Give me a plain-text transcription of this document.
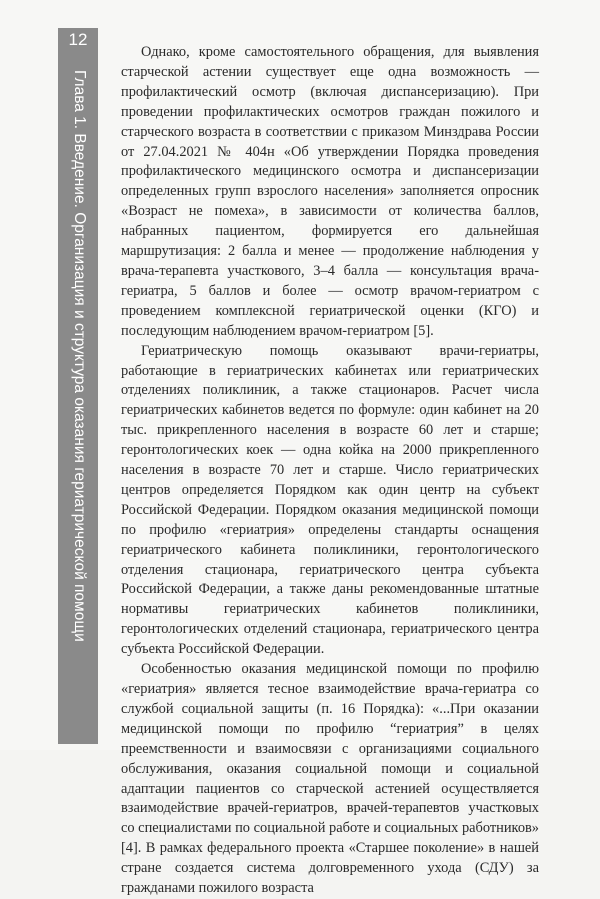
12
Глава 1. Введение. Организация и структура оказания гериатрической помощи

Однако, кроме самостоятельного обращения, для выявления старческой астении существует еще одна возможность — профилактический осмотр (включая диспансеризацию). При проведении профилактических осмотров граждан пожилого и старческого возраста в соответствии с приказом Минздрава России от 27.04.2021 № 404н «Об утверждении Порядка проведения профилактического медицинского осмотра и диспансеризации определенных групп взрослого населения» заполняется опросник «Возраст не помеха», в зависимости от количества баллов, набранных пациентом, формируется его дальнейшая маршрутизация: 2 балла и менее — продолжение наблюдения у врача-терапевта участкового, 3–4 балла — консультация врача-гериатра, 5 баллов и более — осмотр врачом-гериатром с проведением комплексной гериатрической оценки (КГО) и последующим наблюдением врачом-гериатром [5].

Гериатрическую помощь оказывают врачи-гериатры, работающие в гериатрических кабинетах или гериатрических отделениях поликлиник, а также стационаров. Расчет числа гериатрических кабинетов ведется по формуле: один кабинет на 20 тыс. прикрепленного населения в возрасте 60 лет и старше; геронтологических коек — одна койка на 2000 прикрепленного населения в возрасте 70 лет и старше. Число гериатрических центров определяется Порядком как один центр на субъект Российской Федерации. Порядком оказания медицинской помощи по профилю «гериатрия» определены стандарты оснащения гериатрического кабинета поликлиники, геронтологического отделения стационара, гериатрического центра субъекта Российской Федерации, а также даны рекомендованные штатные нормативы гериатрических кабинетов поликлиники, геронтологических отделений стационара, гериатрического центра субъекта Российской Федерации.

Особенностью оказания медицинской помощи по профилю «гериатрия» является тесное взаимодействие врача-гериатра со службой социальной защиты (п. 16 Порядка): «...При оказании медицинской помощи по профилю “гериатрия” в целях преемственности и взаимосвязи с организациями социального обслуживания, оказания социальной помощи и социальной адаптации пациентов со старческой астенией осуществляется взаимодействие врачей-гериатров, врачей-терапевтов участковых со специалистами по социальной работе и социальных работников» [4]. В рамках федерального проекта «Старшее поколение» в нашей стране создается система долговременного ухода (СДУ) за гражданами пожилого возраста
